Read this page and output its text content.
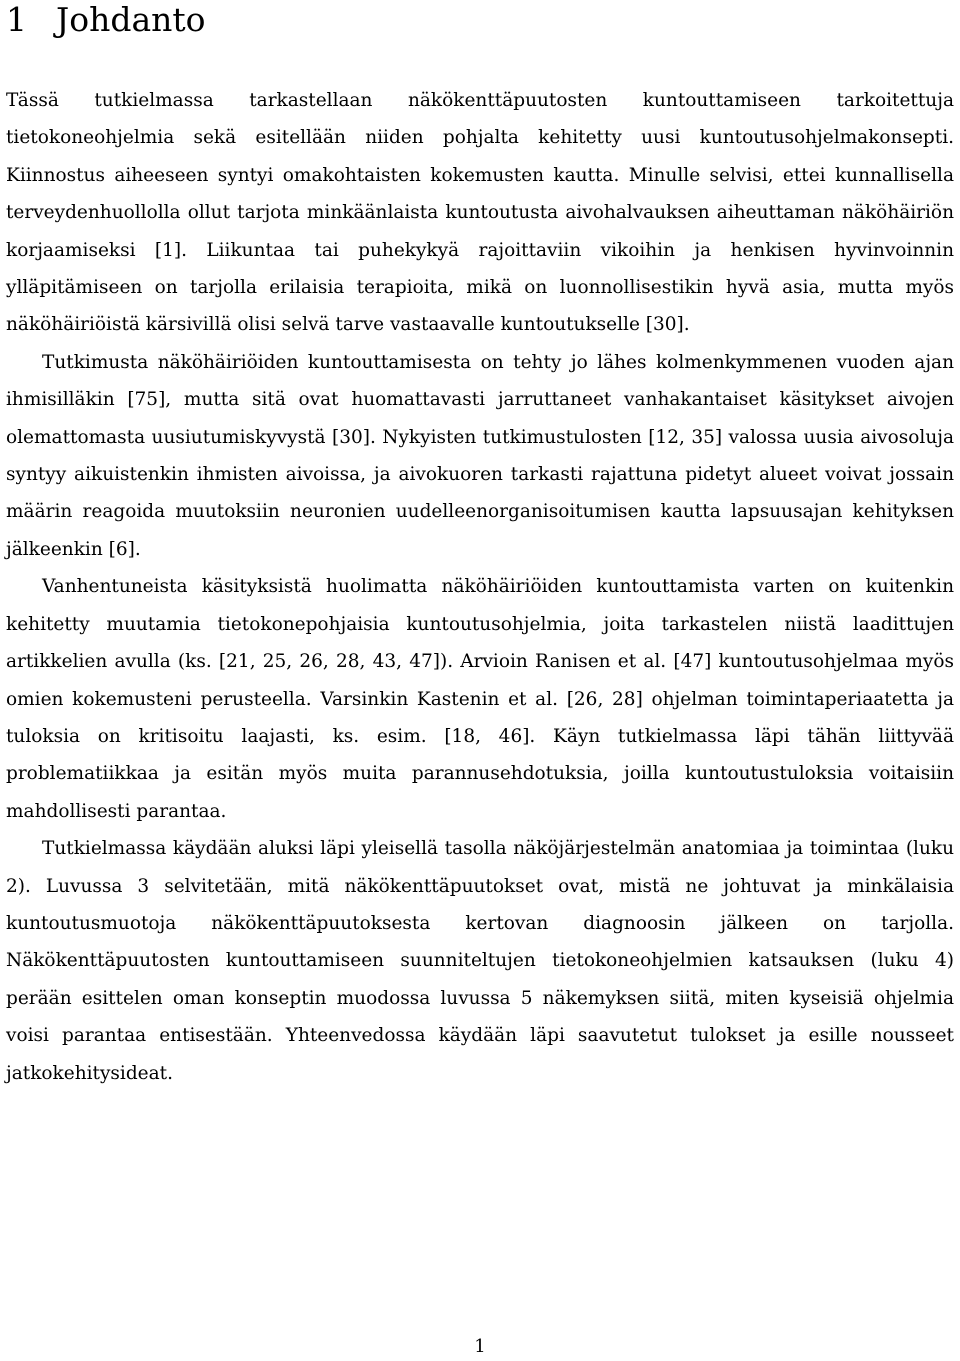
1 Johdanto

Tässä tutkielmassa tarkastellaan näkökenttäpuutosten kuntouttamiseen tarkoitettuja tietokoneohjelmia sekä esitellään niiden pohjalta kehitetty uusi kuntoutusohjelmakonsepti. Kiinnostus aiheeseen syntyi omakohtaisten kokemusten kautta. Minulle selvisi, ettei kunnallisella terveydenhuollolla ollut tarjota minkäänlaista kuntoutusta aivohalvauksen aiheuttaman näköhäiriön korjaamiseksi [1]. Liikuntaa tai puhekykyä rajoittaviin vikoihin ja henkisen hyvinvoinnin ylläpitämiseen on tarjolla erilaisia terapioita, mikä on luonnollisestikin hyvä asia, mutta myös näköhäiriöistä kärsivillä olisi selvä tarve vastaavalle kuntoutukselle [30].

Tutkimusta näköhäiriöiden kuntouttamisesta on tehty jo lähes kolmenkymmenen vuoden ajan ihmisilläkin [75], mutta sitä ovat huomattavasti jarruttaneet vanhakantaiset käsitykset aivojen olemattomasta uusiutumiskyvystä [30]. Nykyisten tutkimustulosten [12, 35] valossa uusia aivosoluja syntyy aikuistenkin ihmisten aivoissa, ja aivokuoren tarkasti rajattuna pidetyt alueet voivat jossain määrin reagoida muutoksiin neuronien uudelleenorganisoitumisen kautta lapsuusajan kehityksen jälkeenkin [6].

Vanhentuneista käsityksistä huolimatta näköhäiriöiden kuntouttamista varten on kuitenkin kehitetty muutamia tietokonepohjaisia kuntoutusohjelmia, joita tarkastelen niistä laadittujen artikkelien avulla (ks. [21, 25, 26, 28, 43, 47]). Arvioin Ranisen et al. [47] kuntoutusohjelmaa myös omien kokemusteni perusteella. Varsinkin Kastenin et al. [26, 28] ohjelman toimintaperiaatetta ja tuloksia on kritisoitu laajasti, ks. esim. [18, 46]. Käyn tutkielmassa läpi tähän liittyvää problematiikkaa ja esitän myös muita parannusehdotuksia, joilla kuntoutustuloksia voitaisiin mahdollisesti parantaa.

Tutkielmassa käydään aluksi läpi yleisellä tasolla näköjärjestelmän anatomiaa ja toimintaa (luku 2). Luvussa 3 selvitetään, mitä näkökenttäpuutokset ovat, mistä ne johtuvat ja minkälaisia kuntoutusmuotoja näkökenttäpuutoksesta kertovan diagnoosin jälkeen on tarjolla. Näkökenttäpuutosten kuntouttamiseen suunniteltujen tietokoneohjelmien katsauksen (luku 4) perään esittelen oman konseptin muodossa luvussa 5 näkemyksen siitä, miten kyseisiä ohjelmia voisi parantaa entisestään. Yhteenvedossa käydään läpi saavutetut tulokset ja esille nousseet jatkokehitysideat.

1
